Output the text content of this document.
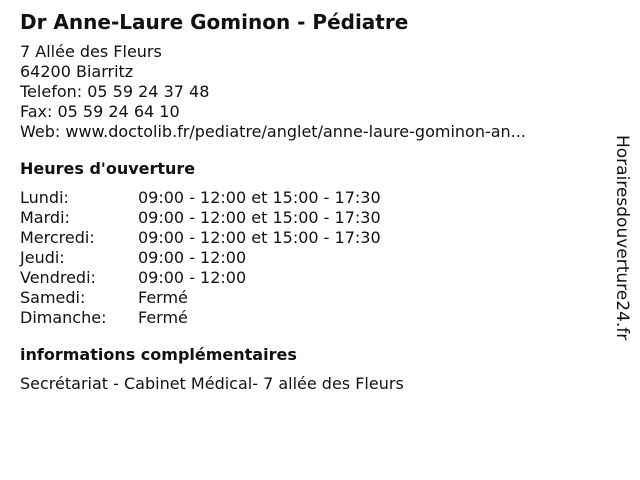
Dr Anne-Laure Gominon - Pédiatre
7 Allée des Fleurs
64200 Biarritz
Telefon: 05 59 24 37 48
Fax: 05 59 24 64 10
Web: www.doctolib.fr/pediatre/anglet/anne-laure-gominon-an...
Heures d'ouverture
Lundi:	09:00 - 12:00 et 15:00 - 17:30
Mardi:	09:00 - 12:00 et 15:00 - 17:30
Mercredi:	09:00 - 12:00 et 15:00 - 17:30
Jeudi:	09:00 - 12:00
Vendredi:	09:00 - 12:00
Samedi:	Fermé
Dimanche:	Fermé
informations complémentaires
Secrétariat - Cabinet Médical- 7 allée des Fleurs
Horairesdouverture24.fr
